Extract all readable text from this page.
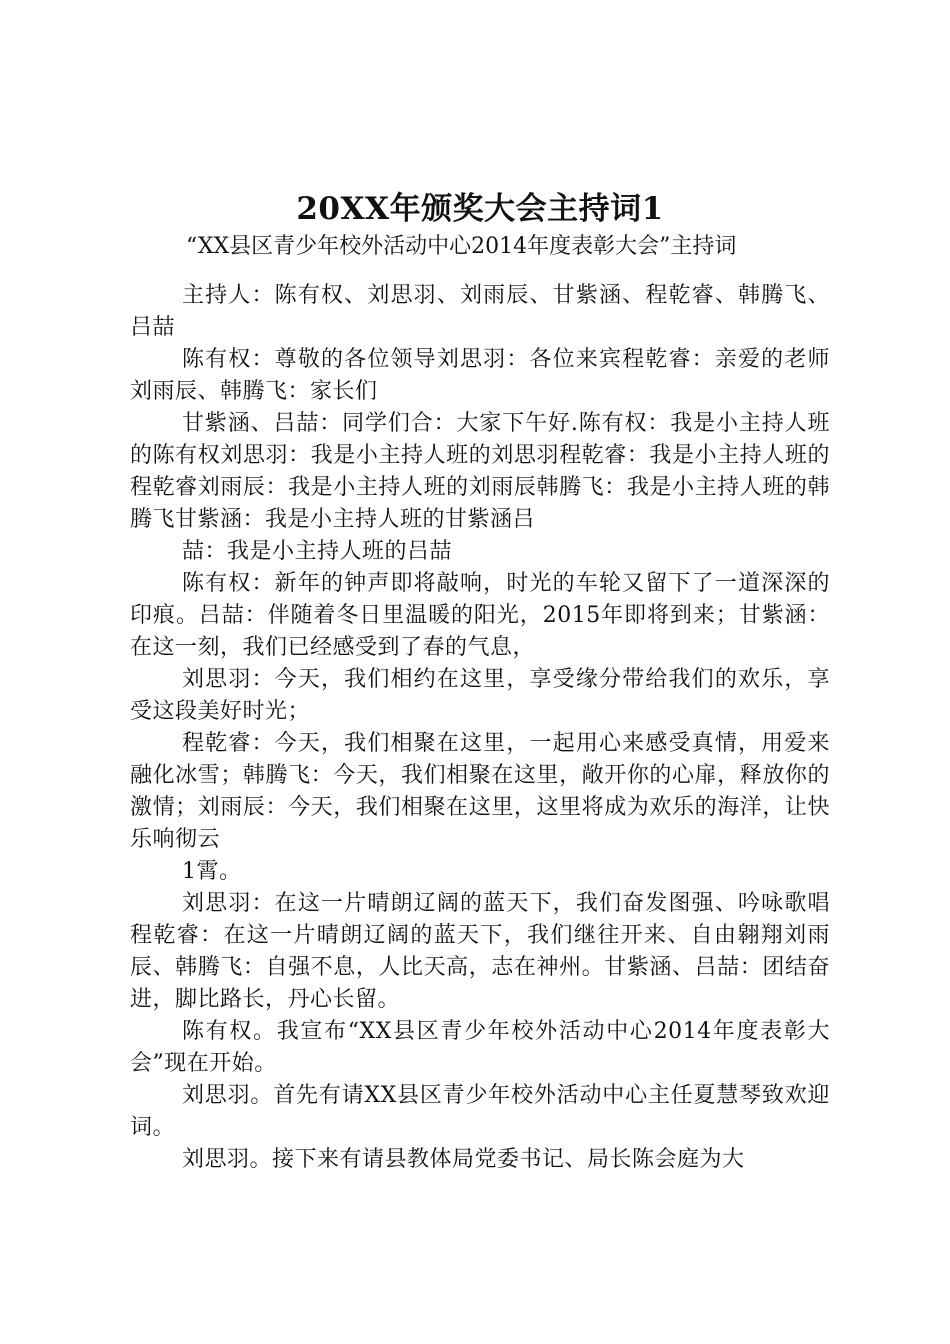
20XX年颁奖大会主持词1

“XX县区青少年校外活动中心2014年度表彰大会”主持词

主持人：陈有权、刘思羽、刘雨辰、甘紫涵、程乾睿、韩腾飞、吕喆

陈有权：尊敬的各位领导刘思羽：各位来宾程乾睿：亲爱的老师刘雨辰、韩腾飞：家长们

甘紫涵、吕喆：同学们合：大家下午好.陈有权：我是小主持人班的陈有权刘思羽：我是小主持人班的刘思羽程乾睿：我是小主持人班的程乾睿刘雨辰：我是小主持人班的刘雨辰韩腾飞：我是小主持人班的韩腾飞甘紫涵：我是小主持人班的甘紫涵吕

喆：我是小主持人班的吕喆

陈有权：新年的钟声即将敲响，时光的车轮又留下了一道深深的印痕。吕喆：伴随着冬日里温暖的阳光，2015年即将到来；甘紫涵：在这一刻，我们已经感受到了春的气息，

刘思羽：今天，我们相约在这里，享受缘分带给我们的欢乐，享受这段美好时光；

程乾睿：今天，我们相聚在这里，一起用心来感受真情，用爱来融化冰雪；韩腾飞：今天，我们相聚在这里，敞开你的心扉，释放你的激情；刘雨辰：今天，我们相聚在这里，这里将成为欢乐的海洋，让快乐响彻云

1霄。

刘思羽：在这一片晴朗辽阔的蓝天下，我们奋发图强、吟咏歌唱程乾睿：在这一片晴朗辽阔的蓝天下，我们继往开来、自由翱翔刘雨辰、韩腾飞：自强不息，人比天高，志在神州。甘紫涵、吕喆：团结奋进，脚比路长，丹心长留。

陈有权。我宣布“XX县区青少年校外活动中心2014年度表彰大会”现在开始。

刘思羽。首先有请XX县区青少年校外活动中心主任夏慧琴致欢迎词。

刘思羽。接下来有请县教体局党委书记、局长陈会庭为大
